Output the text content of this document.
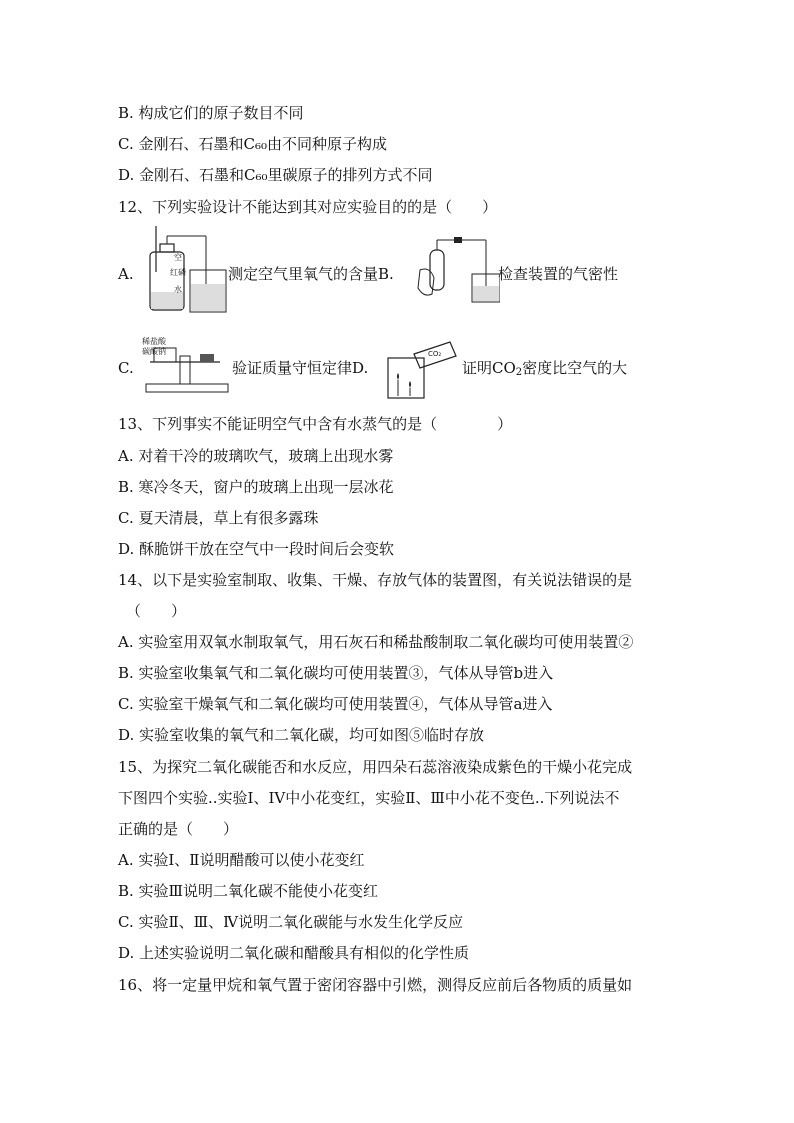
B. 构成它们的原子数目不同
C. 金刚石、石墨和C₆₀由不同种原子构成
D. 金刚石、石墨和C₆₀里碳原子的排列方式不同
12、下列实验设计不能达到其对应实验目的的是（　　）
A.
空
红磷
水
测定空气里氧气的含量B.	检查装置的气密性
C.
稀盐酸
碳酸钠
验证质量守恒定律D.
CO₂
证明$CO_2$密度比空气的大
13、下列事实不能证明空气中含有水蒸气的是（　　　　）
A. 对着干冷的玻璃吹气，玻璃上出现水雾
B. 寒冷冬天，窗户的玻璃上出现一层冰花
C. 夏天清晨，草上有很多露珠
D. 酥脆饼干放在空气中一段时间后会变软
14、以下是实验室制取、收集、干燥、存放气体的装置图，有关说法错误的是
（　　）
A. 实验室用双氧水制取氧气，用石灰石和稀盐酸制取二氧化碳均可使用装置②
B. 实验室收集氧气和二氧化碳均可使用装置③，气体从导管b进入
C. 实验室干燥氧气和二氧化碳均可使用装置④，气体从导管a进入
D. 实验室收集的氧气和二氧化碳，均可如图⑤临时存放
15、为探究二氧化碳能否和水反应，用四朵石蕊溶液染成紫色的干燥小花完成
下图四个实验..实验I、IV中小花变红，实验Ⅱ、Ⅲ中小花不变色..下列说法不
正确的是（　　）
A. 实验Ⅰ、Ⅱ说明醋酸可以使小花变红
B. 实验Ⅲ说明二氧化碳不能使小花变红
C. 实验Ⅱ、Ⅲ、Ⅳ说明二氧化碳能与水发生化学反应
D. 上述实验说明二氧化碳和醋酸具有相似的化学性质
16、将一定量甲烷和氧气置于密闭容器中引燃，测得反应前后各物质的质量如
